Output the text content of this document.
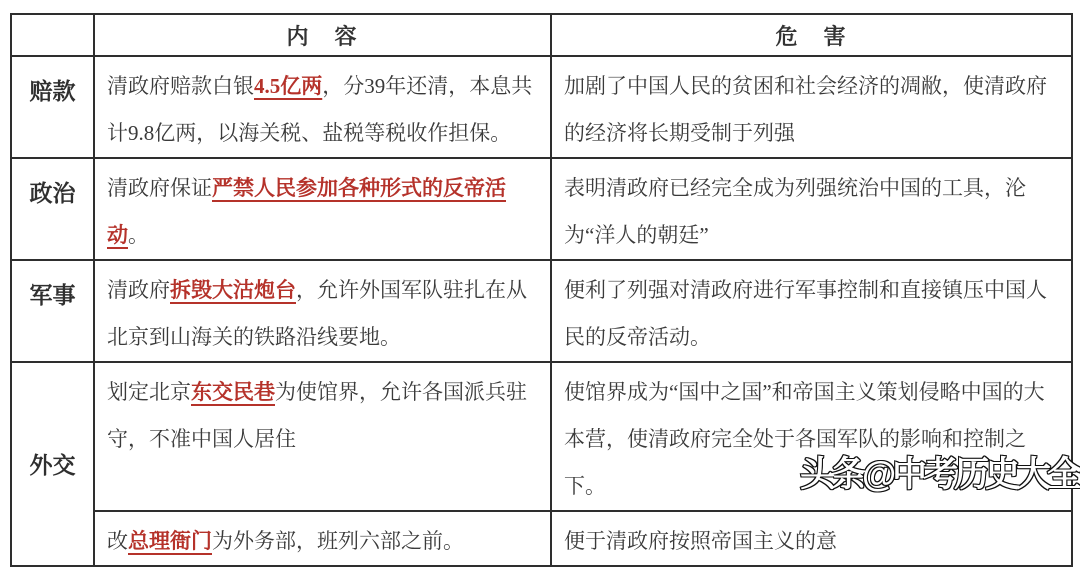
	内　容	危　害
赔款	清政府赔款白银4.5亿两，分39年还清，本息共计9.8亿两，以海关税、盐税等税收作担保。	加剧了中国人民的贫困和社会经济的凋敝，使清政府的经济将长期受制于列强
政治	清政府保证严禁人民参加各种形式的反帝活动。	表明清政府已经完全成为列强统治中国的工具，沦为“洋人的朝廷”
军事	清政府拆毁大沽炮台，允许外国军队驻扎在从北京到山海关的铁路沿线要地。	便利了列强对清政府进行军事控制和直接镇压中国人民的反帝活动。
外交	划定北京东交民巷为使馆界，允许各国派兵驻守，不准中国人居住	使馆界成为“国中之国”和帝国主义策划侵略中国的大本营，使清政府完全处于各国军队的影响和控制之下。
	改总理衙门为外务部，班列六部之前。	便于清政府按照帝国主义的意
头条@中考历史大全
